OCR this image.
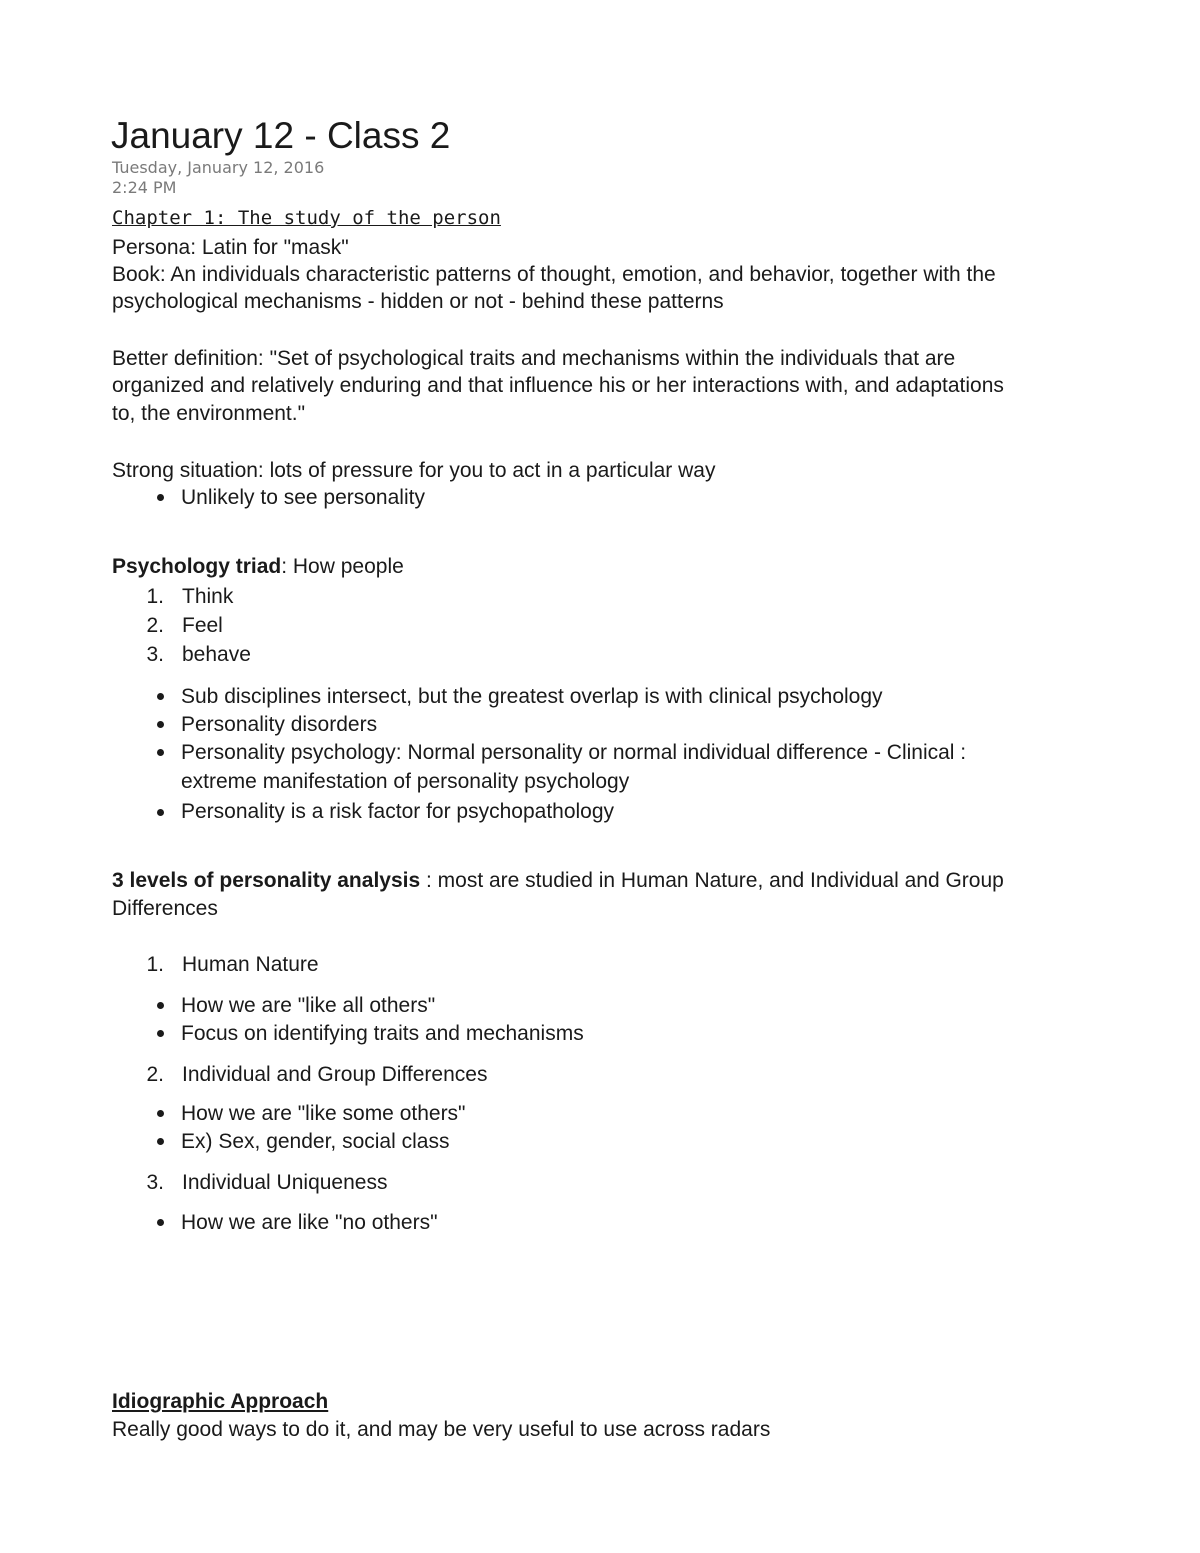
January 12 - Class 2
Tuesday, January 12, 2016
2:24 PM
Chapter 1: The study of the person
Persona: Latin for "mask"
Book: An individuals characteristic patterns of thought, emotion, and behavior, together with the
psychological mechanisms - hidden or not - behind these patterns
Better definition: "Set of psychological traits and mechanisms within the individuals that are
organized and relatively enduring and that influence his or her interactions with, and adaptations
to, the environment."
Strong situation: lots of pressure for you to act in a particular way
Unlikely to see personality
Psychology triad: How people
1. Think
2. Feel
3. behave
Sub disciplines intersect, but the greatest overlap is with clinical psychology
Personality disorders
Personality psychology: Normal personality or normal individual difference - Clinical :
extreme manifestation of personality psychology
Personality is a risk factor for psychopathology
3 levels of personality analysis : most are studied in Human Nature, and Individual and Group
Differences
1. Human Nature
How we are "like all others"
Focus on identifying traits and mechanisms
2. Individual and Group Differences
How we are "like some others"
Ex) Sex, gender, social class
3. Individual Uniqueness
How we are like "no others"
Idiographic Approach
Really good ways to do it, and may be very useful to use across radars
